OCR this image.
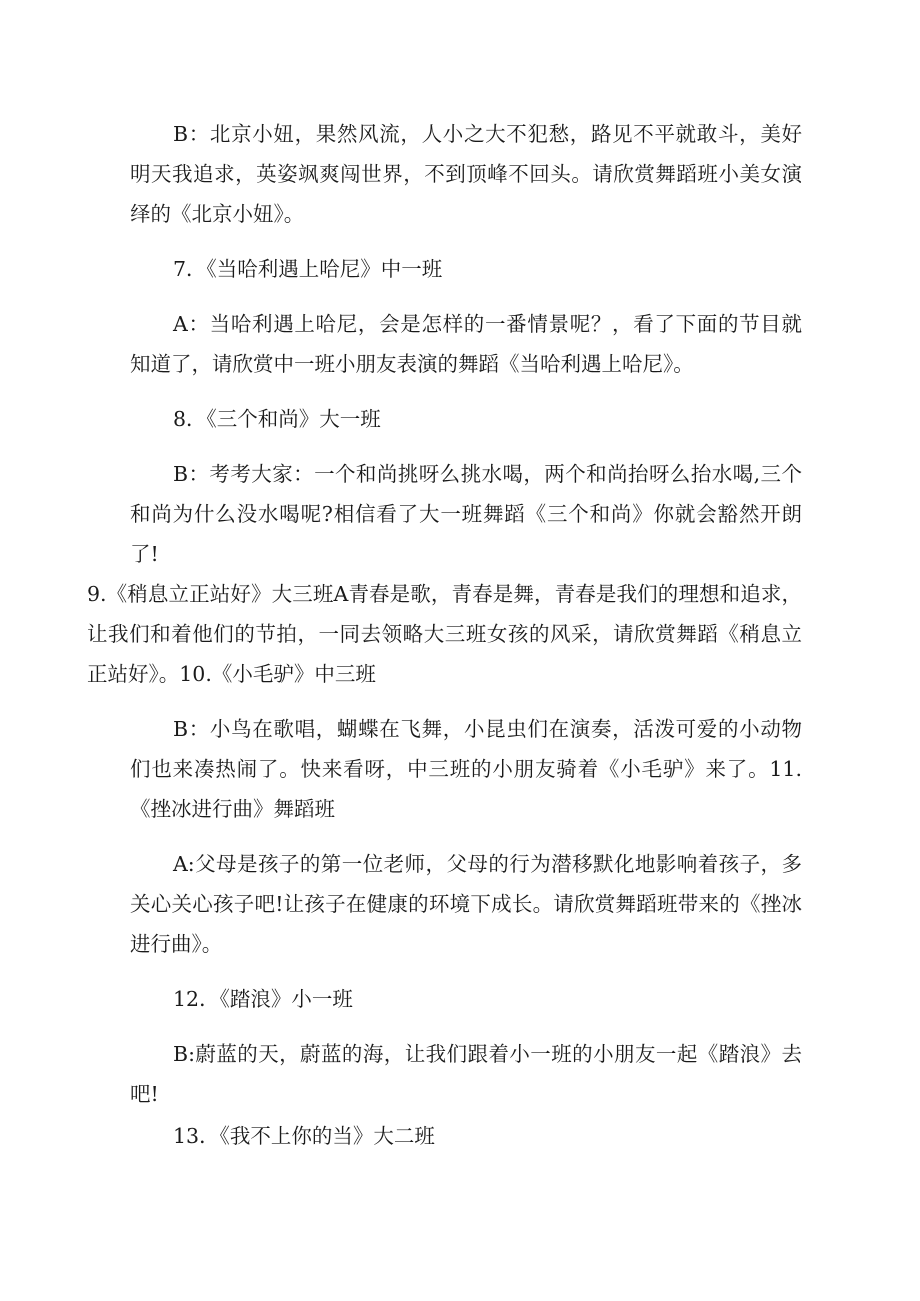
B：北京小妞，果然风流，人小之大不犯愁，路见不平就敢斗，美好明天我追求，英姿飒爽闯世界，不到顶峰不回头。请欣赏舞蹈班小美女演绎的《北京小妞》。

7．《当哈利遇上哈尼》中一班

A：当哈利遇上哈尼，会是怎样的一番情景呢？，看了下面的节目就知道了，请欣赏中一班小朋友表演的舞蹈《当哈利遇上哈尼》。

8．《三个和尚》大一班

B：考考大家：一个和尚挑呀么挑水喝，两个和尚抬呀么抬水喝,三个和尚为什么没水喝呢?相信看了大一班舞蹈《三个和尚》你就会豁然开朗了!

9.《稍息立正站好》大三班A青春是歌，青春是舞，青春是我们的理想和追求，让我们和着他们的节拍，一同去领略大三班女孩的风采，请欣赏舞蹈《稍息立正站好》。10.《小毛驴》中三班

B：小鸟在歌唱，蝴蝶在飞舞，小昆虫们在演奏，活泼可爱的小动物们也来凑热闹了。快来看呀，中三班的小朋友骑着《小毛驴》来了。11.《挫冰进行曲》舞蹈班

A:父母是孩子的第一位老师，父母的行为潜移默化地影响着孩子，多关心关心孩子吧!让孩子在健康的环境下成长。请欣赏舞蹈班带来的《挫冰进行曲》。

12．《踏浪》小一班

B:蔚蓝的天，蔚蓝的海，让我们跟着小一班的小朋友一起《踏浪》去吧!

13．《我不上你的当》大二班
